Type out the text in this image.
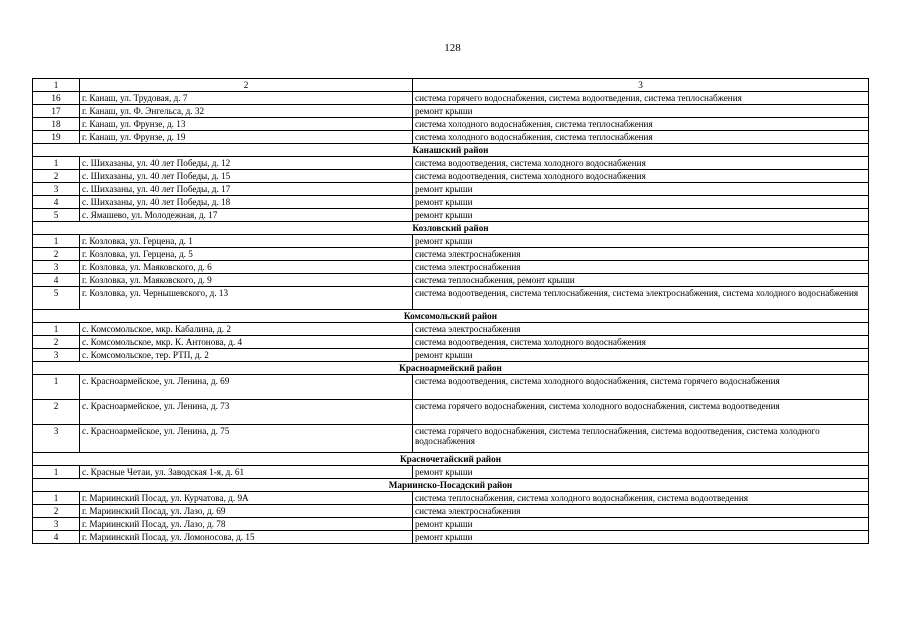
128
1	2	3
16	г. Канаш, ул. Трудовая, д. 7	система горячего водоснабжения, система водоотведения, система теплоснабжения
17	г. Канаш, ул. Ф. Энгельса, д. 32	ремонт крыши
18	г. Канаш, ул. Фрунзе, д. 13	система холодного водоснабжения, система теплоснабжения
19	г. Канаш, ул. Фрунзе, д. 19	система холодного водоснабжения, система теплоснабжения
Канашский район		
1	с. Шихазаны, ул. 40 лет Победы, д. 12	система водоотведения, система холодного водоснабжения
2	с. Шихазаны, ул. 40 лет Победы, д. 15	система водоотведения, система холодного водоснабжения
3	с. Шихазаны, ул. 40 лет Победы, д. 17	ремонт крыши
4	с. Шихазаны, ул. 40 лет Победы, д. 18	ремонт крыши
5	с. Ямашево, ул. Молодежная, д. 17	ремонт крыши
Козловский район		
1	г. Козловка, ул. Герцена, д. 1	ремонт крыши
2	г. Козловка, ул. Герцена, д. 5	система электроснабжения
3	г. Козловка, ул. Маяковского, д. 6	система электроснабжения
4	г. Козловка, ул. Маяковского, д. 9	система теплоснабжения, ремонт крыши
5	г. Козловка, ул. Чернышевского, д. 13	система водоотведения, система теплоснабжения, система электроснабжения, система холодного водоснабжения
Комсомольский район		
1	с. Комсомольское, мкр. Кабалина, д. 2	система электроснабжения
2	с. Комсомольское, мкр. К. Антонова, д. 4	система водоотведения, система холодного водоснабжения
3	с. Комсомольское, тер. РТП, д. 2	ремонт крыши
Красноармейский район		
1	с. Красноармейское, ул. Ленина, д. 69	система водоотведения, система холодного водоснабжения, система горячего водоснабжения
2	с. Красноармейское, ул. Ленина, д. 73	система горячего водоснабжения, система холодного водоснабжения, система водоотведения
3	с. Красноармейское, ул. Ленина, д. 75	система горячего водоснабжения, система теплоснабжения, система водоотведения, система холодного водоснабжения
Красночетайский район		
1	с. Красные Четаи, ул. Заводская 1-я, д. 61	ремонт крыши
Мариинско-Посадский район		
1	г. Мариинский Посад, ул. Курчатова, д. 9А	система теплоснабжения, система холодного водоснабжения, система водоотведения
2	г. Мариинский Посад, ул. Лазо, д. 69	система электроснабжения
3	г. Мариинский Посад, ул. Лазо, д. 78	ремонт крыши
4	г. Мариинский Посад, ул. Ломоносова, д. 15	ремонт крыши
